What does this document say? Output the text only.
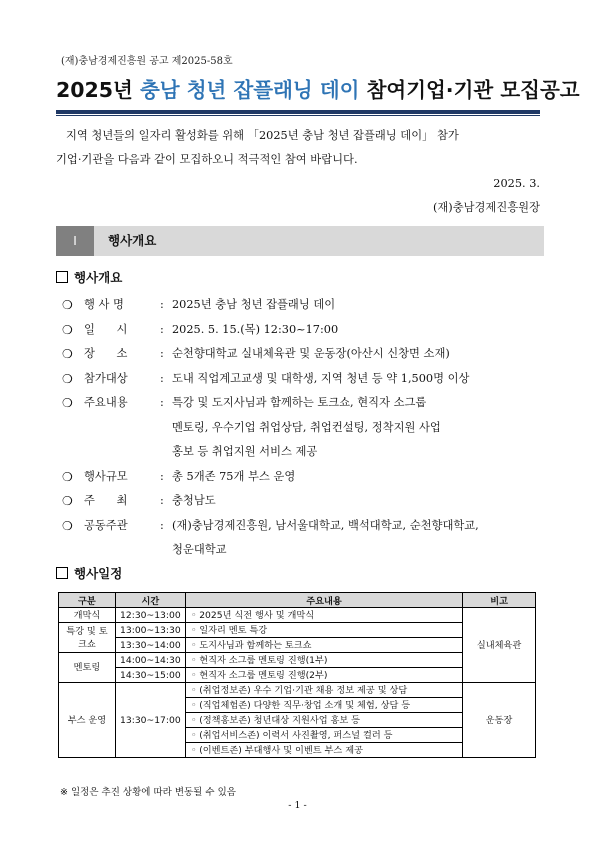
(재)충남경제진흥원 공고 제2025-58호
2025년 충남 청년 잡플래닝 데이 참여기업·기관 모집공고

지역 청년들의 일자리 활성화를 위해 「2025년 충남 청년 잡플래닝 데이」 참가

기업·기관을 다음과 같이 모집하오니 적극적인 참여 바랍니다.

2025. 3.

(재)충남경제진흥원장

Ⅰ	행사개요
행사개요
❍ 행 사 명	: 2025년 충남 청년 잡플래닝 데이
❍ 일      시	: 2025. 5. 15.(목) 12:30~17:00
❍ 장      소	: 순천향대학교 실내체육관 및 운동장(아산시 신창면 소재)
❍ 참가대상	: 도내 직업계고교생 및 대학생, 지역 청년 등 약 1,500명 이상
❍ 주요내용	: 특강 및 도지사님과 함께하는 토크쇼, 현직자 소그룹
멘토링, 우수기업 취업상담, 취업컨설팅, 정착지원 사업
홍보 등 취업지원 서비스 제공
❍ 행사규모	: 총 5개존 75개 부스 운영
❍ 주      최	: 충청남도
❍ 공동주관	: (재)충남경제진흥원, 남서울대학교, 백석대학교, 순천향대학교,
청운대학교
행사일정
구분	시간	주요내용	비고
개막식	12:30~13:00	◦ 2025년 식전 행사 및 개막식	실내체육관
특강 및 토크쇼	13:00~13:30	◦ 일자리 멘토 특강
	13:30~14:00	◦ 도지사님과 함께하는 토크쇼
멘토링	14:00~14:30	◦ 현직자 소그룹 멘토링 진행(1부)
	14:30~15:00	◦ 현직자 소그룹 멘토링 진행(2부)
부스 운영	13:30~17:00	◦ (취업정보존) 우수 기업·기관 채용 정보 제공 및 상담	운동장
		◦ (직업체험존) 다양한 직무·창업 소개 및 체험, 상담 등
		◦ (정책홍보존) 청년대상 지원사업 홍보 등
		◦ (취업서비스존) 이력서 사진촬영, 퍼스널 컬러 등
		◦ (이벤트존) 부대행사 및 이벤트 부스 제공
※ 일정은 추진 상황에 따라 변동될 수 있음
- 1 -
